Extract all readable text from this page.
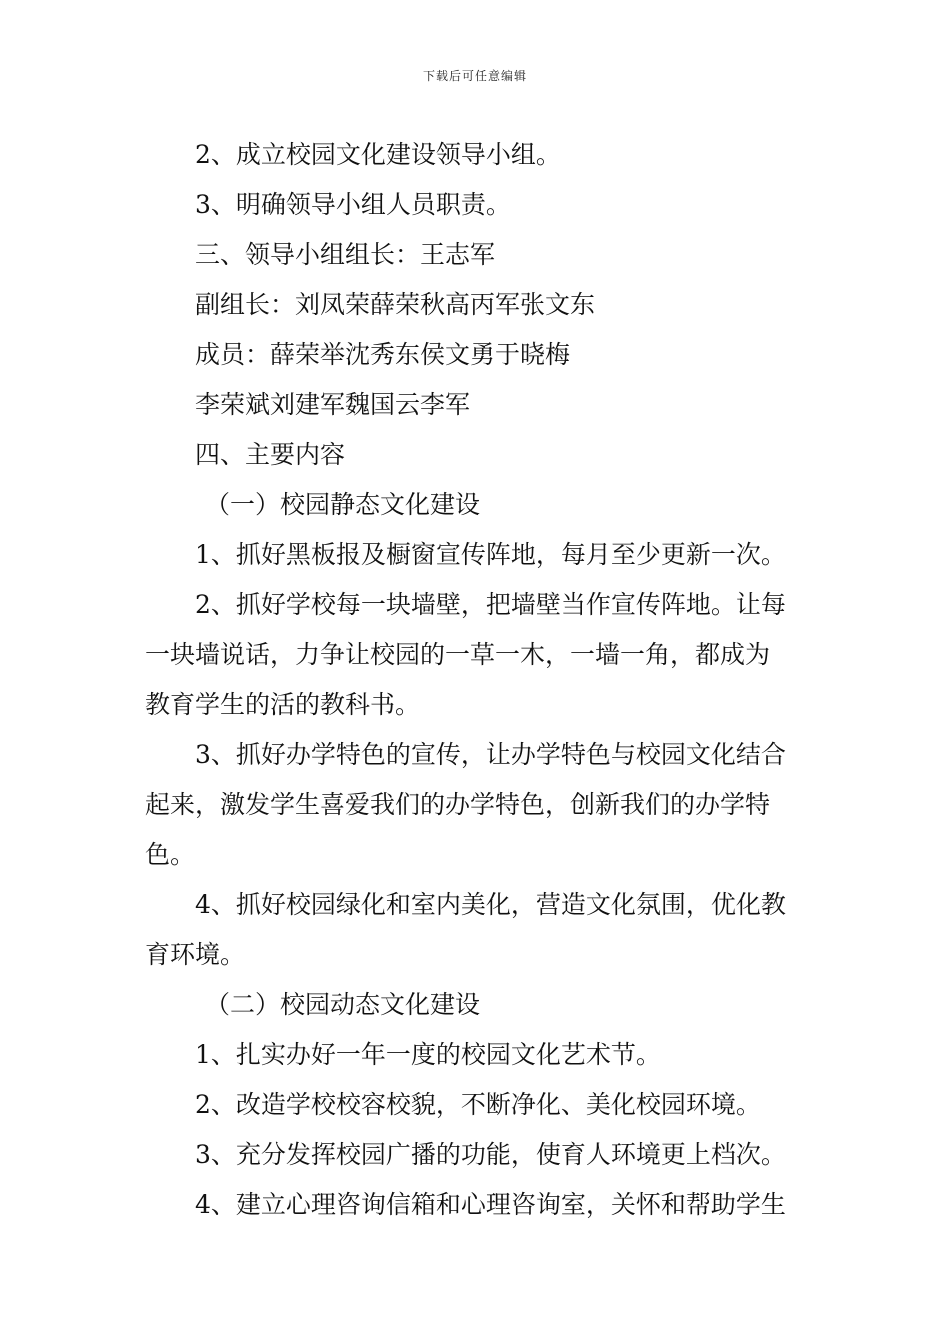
下载后可任意编辑
2、成立校园文化建设领导小组。
3、明确领导小组人员职责。
三、领导小组组长：王志军
副组长：刘凤荣薛荣秋高丙军张文东
成员：薛荣举沈秀东侯文勇于晓梅
李荣斌刘建军魏国云李军
四、主要内容
（一）校园静态文化建设
1、抓好黑板报及橱窗宣传阵地，每月至少更新一次。
2、抓好学校每一块墙壁，把墙壁当作宣传阵地。让每
一块墙说话，力争让校园的一草一木，一墙一角，都成为
教育学生的活的教科书。
3、抓好办学特色的宣传，让办学特色与校园文化结合
起来，激发学生喜爱我们的办学特色，创新我们的办学特
色。
4、抓好校园绿化和室内美化，营造文化氛围，优化教
育环境。
（二）校园动态文化建设
1、扎实办好一年一度的校园文化艺术节。
2、改造学校校容校貌，不断净化、美化校园环境。
3、充分发挥校园广播的功能，使育人环境更上档次。
4、建立心理咨询信箱和心理咨询室，关怀和帮助学生
